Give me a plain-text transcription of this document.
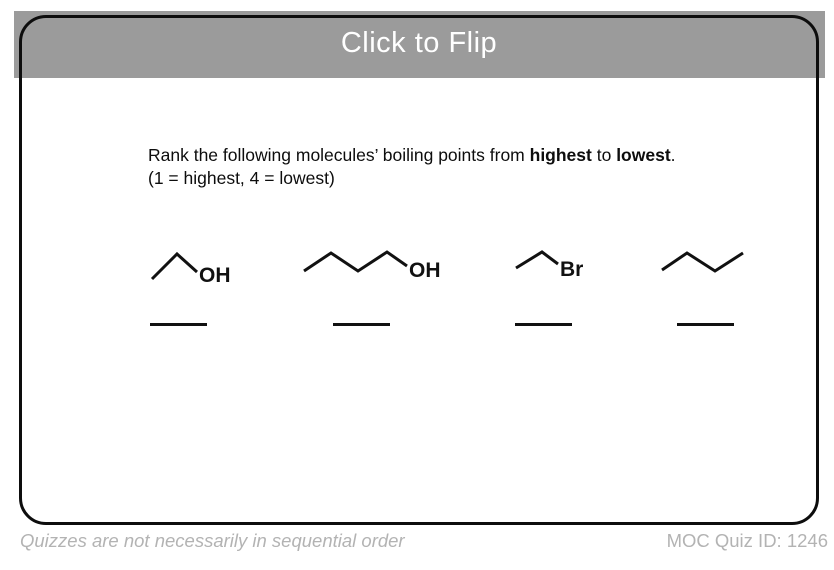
Click to Flip
Rank the following molecules’ boiling points from highest to lowest.
(1 = highest, 4 = lowest)
OH	OH	Br
Quizzes are not necessarily in sequential order	MOC Quiz ID: 1246
